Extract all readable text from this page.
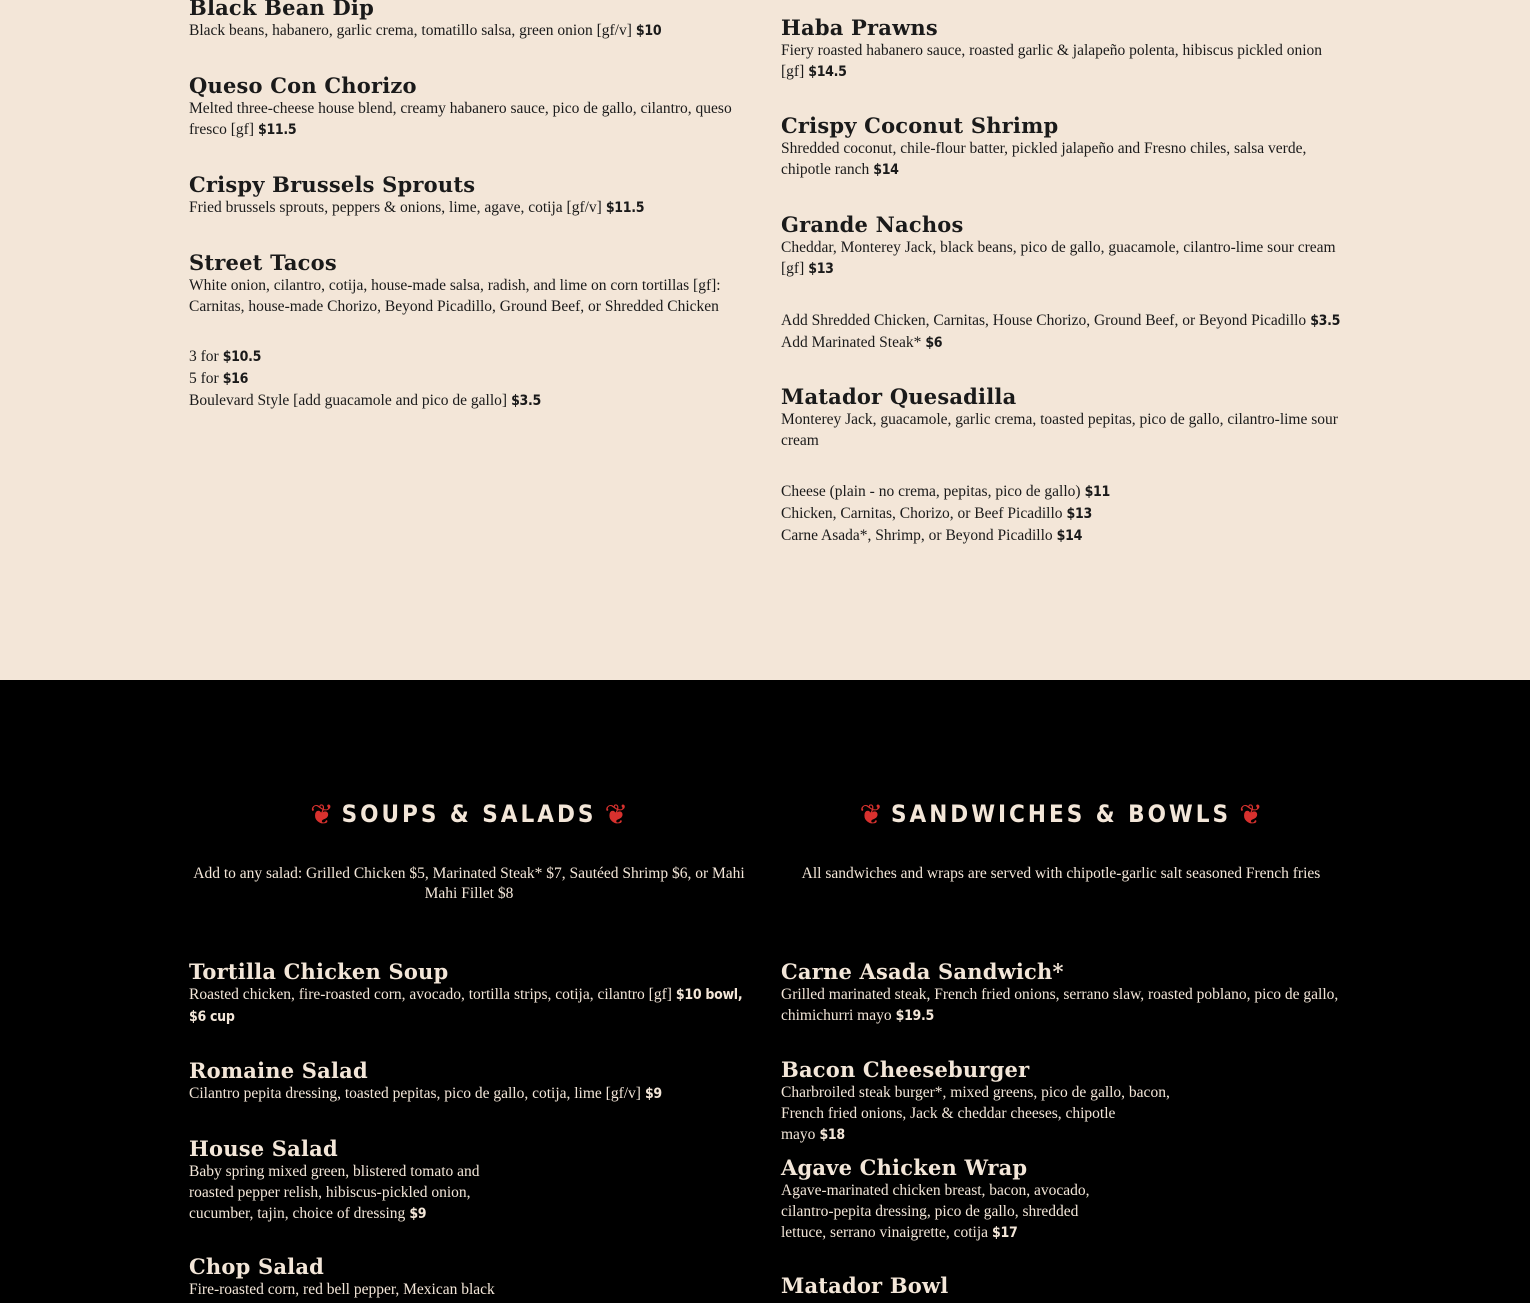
Black Bean Dip
Black beans, habanero, garlic crema, tomatillo salsa, green onion [gf/v] $10
Queso Con Chorizo
Melted three-cheese house blend, creamy habanero sauce, pico de gallo, cilantro, queso fresco [gf] $11.5
Crispy Brussels Sprouts
Fried brussels sprouts, peppers & onions, lime, agave, cotija [gf/v] $11.5
Street Tacos
White onion, cilantro, cotija, house-made salsa, radish, and lime on corn tortillas [gf]: Carnitas, house-made Chorizo, Beyond Picadillo, Ground Beef, or Shredded Chicken
3 for $10.5
5 for $16
Boulevard Style [add guacamole and pico de gallo] $3.5
Haba Prawns
Fiery roasted habanero sauce, roasted garlic & jalapeño polenta, hibiscus pickled onion [gf] $14.5
Crispy Coconut Shrimp
Shredded coconut, chile-flour batter, pickled jalapeño and Fresno chiles, salsa verde, chipotle ranch $14
Grande Nachos
Cheddar, Monterey Jack, black beans, pico de gallo, guacamole, cilantro-lime sour cream [gf] $13
Add Shredded Chicken, Carnitas, House Chorizo, Ground Beef, or Beyond Picadillo $3.5
Add Marinated Steak* $6
Matador Quesadilla
Monterey Jack, guacamole, garlic crema, toasted pepitas, pico de gallo, cilantro-lime sour cream
Cheese (plain - no crema, pepitas, pico de gallo) $11
Chicken, Carnitas, Chorizo, or Beef Picadillo $13
Carne Asada*, Shrimp, or Beyond Picadillo $14
❦ SOUPS & SALADS ❦
Add to any salad: Grilled Chicken $5, Marinated Steak* $7, Sautéed Shrimp $6, or Mahi Mahi Fillet $8
❦ SANDWICHES & BOWLS ❦
All sandwiches and wraps are served with chipotle-garlic salt seasoned French fries
Tortilla Chicken Soup
Roasted chicken, fire-roasted corn, avocado, tortilla strips, cotija, cilantro [gf] $10 bowl, $6 cup
Romaine Salad
Cilantro pepita dressing, toasted pepitas, pico de gallo, cotija, lime [gf/v] $9
House Salad
Baby spring mixed green, blistered tomato and roasted pepper relish, hibiscus-pickled onion, cucumber, tajin, choice of dressing $9
Chop Salad
Fire-roasted corn, red bell pepper, Mexican black
Carne Asada Sandwich*
Grilled marinated steak, French fried onions, serrano slaw, roasted poblano, pico de gallo, chimichurri mayo $19.5
Bacon Cheeseburger
Charbroiled steak burger*, mixed greens, pico de gallo, bacon, French fried onions, Jack & cheddar cheeses, chipotle mayo $18
Agave Chicken Wrap
Agave-marinated chicken breast, bacon, avocado, cilantro-pepita dressing, pico de gallo, shredded lettuce, serrano vinaigrette, cotija $17
Matador Bowl
